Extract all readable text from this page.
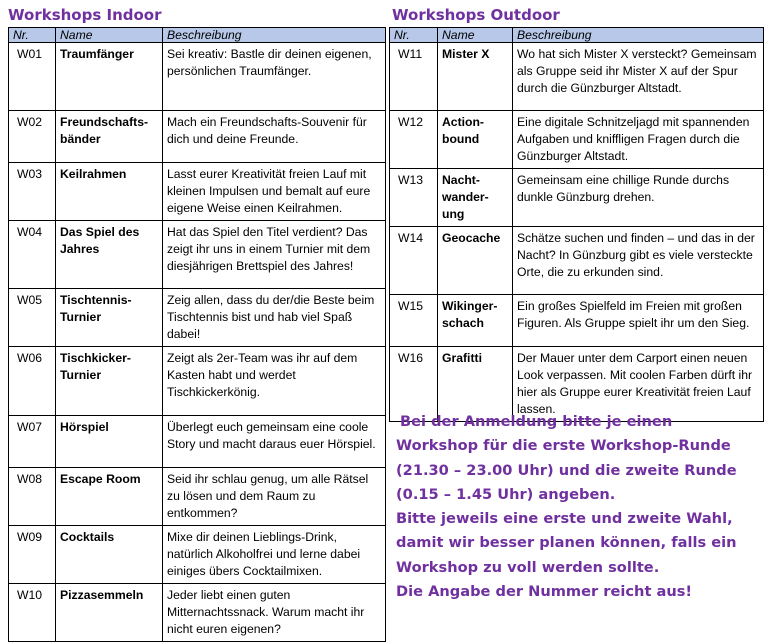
Workshops Indoor	Workshops Outdoor
Nr.	Name	Beschreibung
W01	Traumfänger	Sei kreativ: Bastle dir deinen eigenen, persönlichen Traumfänger.
W02	Freundschafts-bänder	Mach ein Freundschafts-Souvenir für dich und deine Freunde.
W03	Keilrahmen	Lasst eurer Kreativität freien Lauf mit kleinen Impulsen und bemalt auf eure eigene Weise einen Keilrahmen.
W04	Das Spiel des Jahres	Hat das Spiel den Titel verdient? Das zeigt ihr uns in einem Turnier mit dem diesjährigen Brettspiel des Jahres!
W05	Tischtennis-Turnier	Zeig allen, dass du der/die Beste beim Tischtennis bist und hab viel Spaß dabei!
W06	Tischkicker-Turnier	Zeigt als 2er-Team was ihr auf dem Kasten habt und werdet Tischkickerkönig.
W07	Hörspiel	Überlegt euch gemeinsam eine coole Story und macht daraus euer Hörspiel.
W08	Escape Room	Seid ihr schlau genug, um alle Rätsel zu lösen und dem Raum zu entkommen?
W09	Cocktails	Mixe dir deinen Lieblings-Drink, natürlich Alkoholfrei und lerne dabei einiges übers Cocktailmixen.
W10	Pizzasemmeln	Jeder liebt einen guten Mitternachtssnack. Warum macht ihr nicht euren eigenen?
Nr.	Name	Beschreibung
W11	Mister X	Wo hat sich Mister X versteckt? Gemeinsam als Gruppe seid ihr Mister X auf der Spur durch die Günzburger Altstadt.
W12	Action-bound	Eine digitale Schnitzeljagd mit spannenden Aufgaben und kniffligen Fragen durch die Günzburger Altstadt.
W13	Nacht-wander-ung	Gemeinsam eine chillige Runde durchs dunkle Günzburg drehen.
W14	Geocache	Schätze suchen und finden – und das in der Nacht? In Günzburg gibt es viele versteckte Orte, die zu erkunden sind.
W15	Wikinger-schach	Ein großes Spielfeld im Freien mit großen Figuren. Als Gruppe spielt ihr um den Sieg.
W16	Grafitti	Der Mauer unter dem Carport einen neuen Look verpassen. Mit coolen Farben dürft ihr hier als Gruppe eurer Kreativität freien Lauf lassen.
Bei der Anmeldung bitte je einen
Workshop für die erste Workshop-Runde
(21.30 – 23.00 Uhr) und die zweite Runde
(0.15 – 1.45 Uhr) angeben.
Bitte jeweils eine erste und zweite Wahl,
damit wir besser planen können, falls ein
Workshop zu voll werden sollte.
Die Angabe der Nummer reicht aus!
